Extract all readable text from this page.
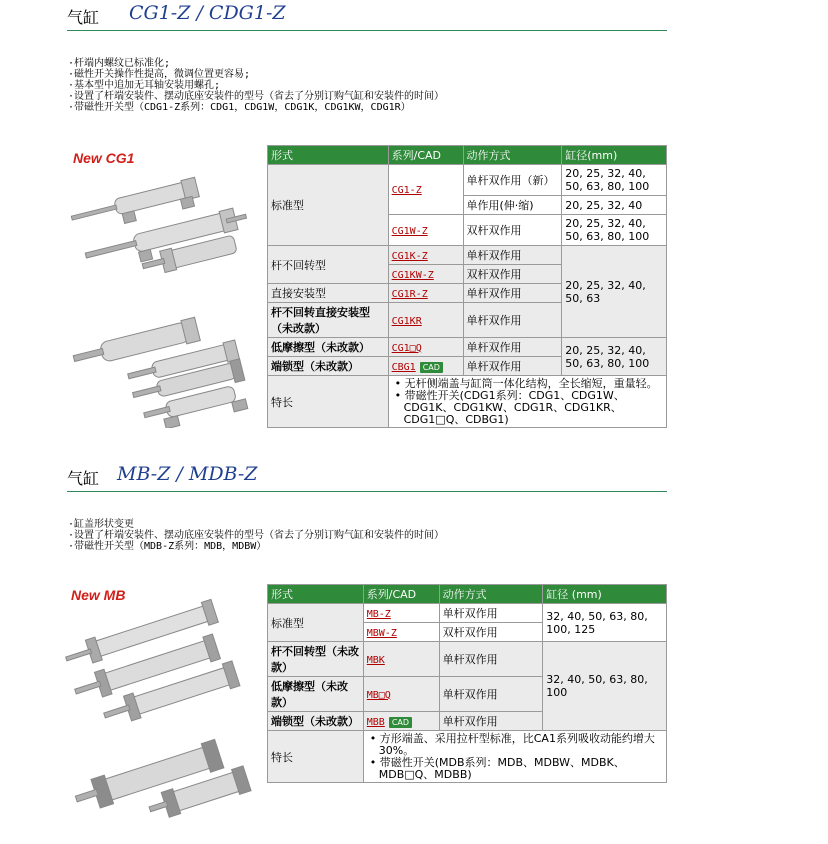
气缸 CG1-Z / CDG1-Z
·杆端内螺纹已标准化;
·磁性开关操作性提高，微调位置更容易;
·基本型中追加无耳轴安装用螺孔;
·设置了杆端安装件、摆动底座安装件的型号（省去了分别订购气缸和安装件的时间）
·带磁性开关型（CDG1-Z系列：CDG1，CDG1W，CDG1K，CDG1KW，CDG1R）
New CG1	形式	系列/CAD	动作方式	缸径(mm)
标准型	CG1-Z	单杆双作用（新）	20, 25, 32, 40, 50, 63, 80, 100
		单作用(伸·缩)	20, 25, 32, 40
	CG1W-Z	双杆双作用	20, 25, 32, 40, 50, 63, 80, 100
杆不回转型	CG1K-Z	单杆双作用	20, 25, 32, 40, 50, 63
	CG1KW-Z	双杆双作用	
直接安装型	CG1R-Z	单杆双作用	
杆不回转直接安装型（未改款）	CG1KR	单杆双作用	
低摩擦型（未改款）	CG1□Q	单杆双作用	20, 25, 32, 40, 50, 63, 80, 100
端锁型（未改款）	CBG1 CAD	单杆双作用	
特长	• 无杆侧端盖与缸筒一体化结构，全长缩短，重量轻。
• 带磁性开关(CDG1系列：CDG1、CDG1W、CDG1K、CDG1KW、CDG1R、CDG1KR、CDG1□Q、CDBG1)		
气缸 MB-Z / MDB-Z
·缸盖形状变更
·设置了杆端安装件、摆动底座安装件的型号（省去了分别订购气缸和安装件的时间）
·带磁性开关型（MDB-Z系列：MDB，MDBW）
New MB	形式	系列/CAD	动作方式	缸径 (mm)
标准型	MB-Z	单杆双作用	32, 40, 50, 63, 80, 100, 125
	MBW-Z	双杆双作用	
杆不回转型（未改款）	MBK	单杆双作用	32, 40, 50, 63, 80, 100
低摩擦型（未改款）	MB□Q	单杆双作用	
端锁型（未改款）	MBB CAD	单杆双作用	
特长	• 方形端盖、采用拉杆型标准，比CA1系列吸收动能约增大30%。
• 带磁性开关(MDB系列：MDB、MDBW、MDBK、MDB□Q、MDBB)		
